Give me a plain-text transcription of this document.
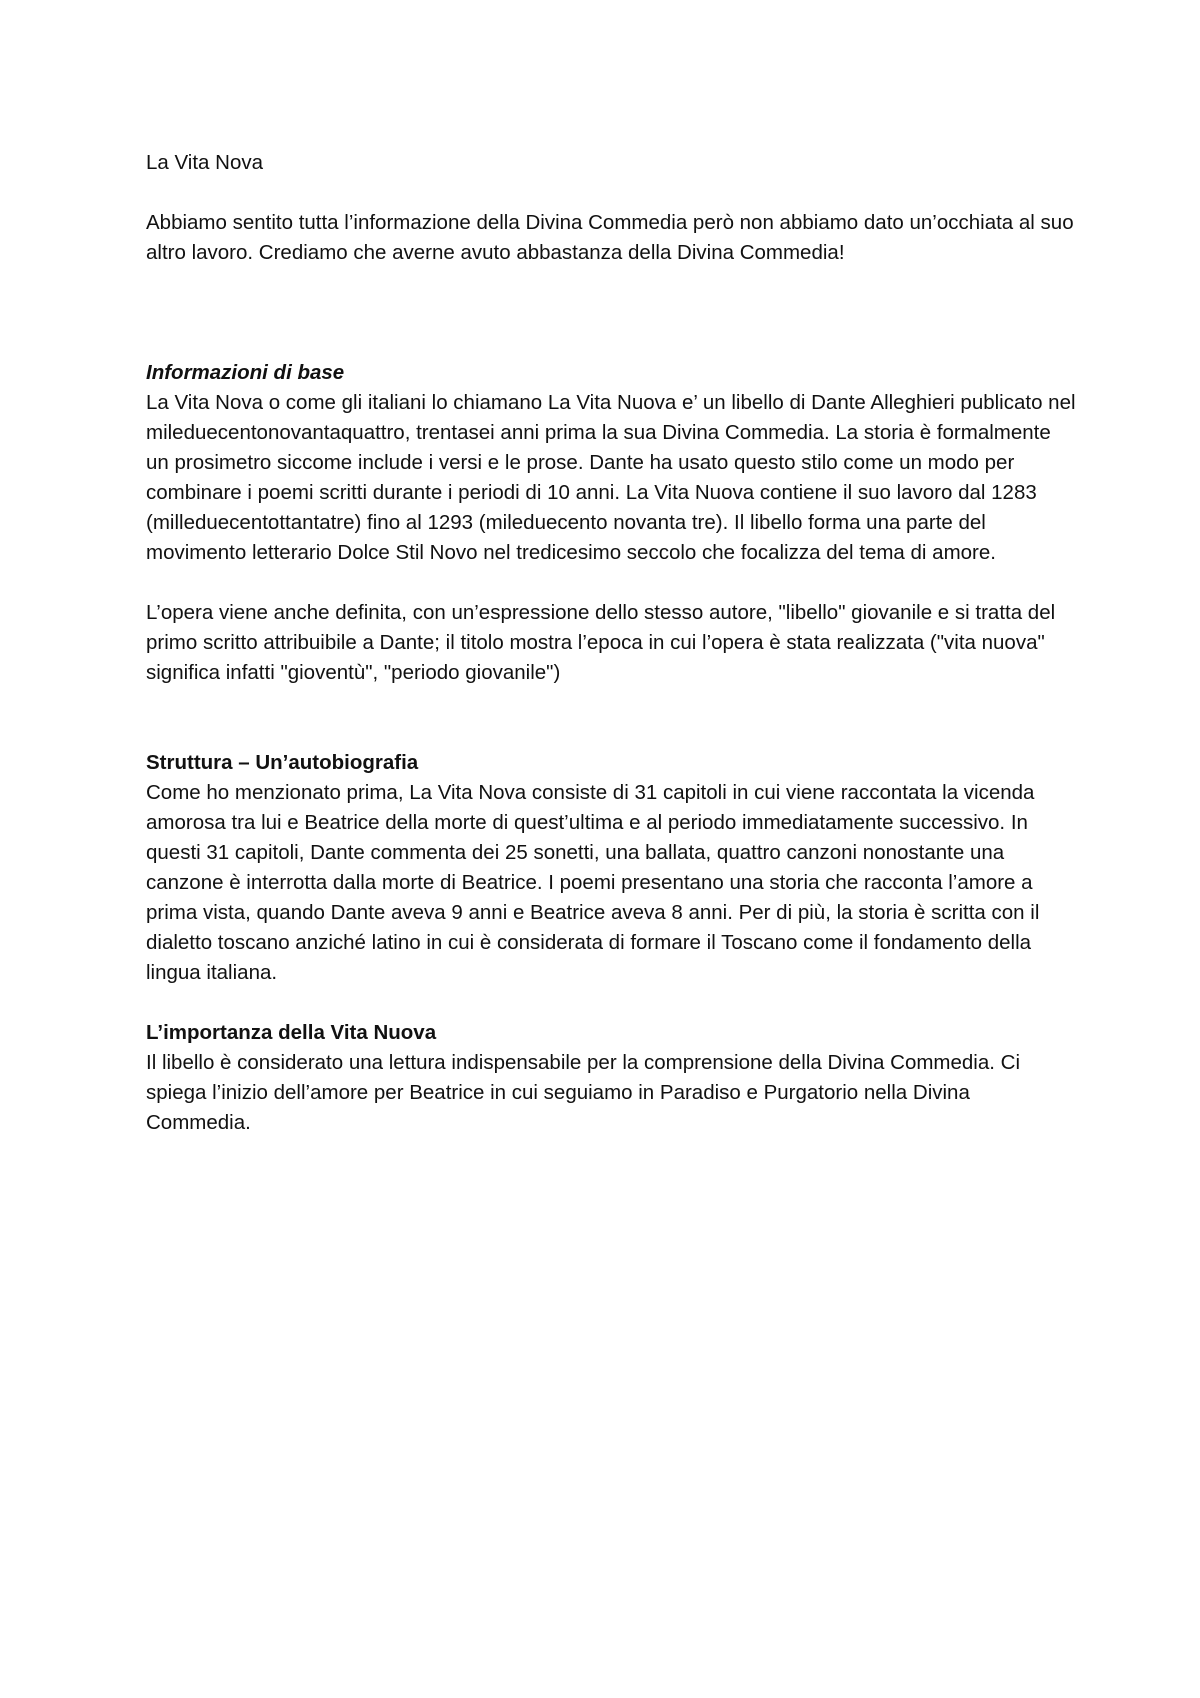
La Vita Nova

Abbiamo sentito tutta l’informazione della Divina Commedia però non abbiamo dato un’occhiata al suo altro lavoro. Crediamo che averne avuto abbastanza della Divina Commedia!

Informazioni di base

La Vita Nova o come gli italiani lo chiamano La Vita Nuova e’ un libello di Dante Alleghieri publicato nel mileduecentonovantaquattro, trentasei anni prima la sua Divina Commedia. La storia è formalmente un prosimetro siccome include i versi e le prose. Dante ha usato questo stilo come un modo per combinare i poemi scritti durante i periodi di 10 anni. La Vita Nuova contiene il suo lavoro dal 1283 (milleduecentottantatre) fino al 1293 (mileduecento novanta tre). Il libello forma una parte del movimento letterario Dolce Stil Novo nel tredicesimo seccolo che focalizza del tema di amore.

L’opera viene anche definita, con un’espressione dello stesso autore, "libello" giovanile e si tratta del primo scritto attribuibile a Dante; il titolo mostra l’epoca in cui l’opera è stata realizzata ("vita nuova" significa infatti "gioventù", "periodo giovanile")

Struttura – Un’autobiografia

Come ho menzionato prima, La Vita Nova consiste di 31 capitoli in cui viene raccontata la vicenda amorosa tra lui e Beatrice della morte di quest’ultima e al periodo immediatamente successivo. In questi 31 capitoli, Dante commenta dei 25 sonetti, una ballata, quattro canzoni nonostante una canzone è interrotta dalla morte di Beatrice. I poemi presentano una storia che racconta l’amore a prima vista, quando Dante aveva 9 anni e Beatrice aveva 8 anni. Per di più, la storia è scritta con il dialetto toscano anziché latino in cui è considerata di formare il Toscano come il fondamento della lingua italiana.

L’importanza della Vita Nuova

Il libello è considerato una lettura indispensabile per la comprensione della Divina Commedia. Ci spiega l’inizio dell’amore per Beatrice in cui seguiamo in Paradiso e Purgatorio nella Divina Commedia.
